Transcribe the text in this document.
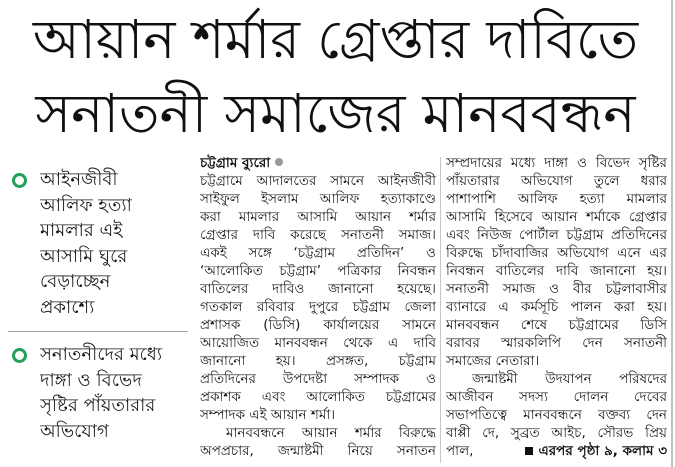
আয়ান শর্মার গ্রেপ্তার দাবিতে
সনাতনী সমাজের মানববন্ধন
আইনজীবী
আলিফ হত্যা
মামলার এই
আসামি ঘুরে
বেড়াচ্ছেন
প্রকাশ্যে
সনাতনীদের মধ্যে
দাঙ্গা ও বিভেদ
সৃষ্টির পাঁয়তারার
অভিযোগ
চট্টগ্রাম ব্যুরো
চট্টগ্রামে আদালতের সামনে আইনজীবী
সাইফুল ইসলাম আলিফ হত্যাকাণ্ডে
করা মামলার আসামি আয়ান শর্মার
গ্রেপ্তার দাবি করেছে সনাতনী সমাজ।
একই সঙ্গে ‘চট্টগ্রাম প্রতিদিন’ ও
‘আলোকিত চট্টগ্রাম’ পত্রিকার নিবন্ধন
বাতিলের দাবিও জানানো হয়েছে।
গতকাল রবিবার দুপুরে চট্টগ্রাম জেলা
প্রশাসক (ডিসি) কার্যালয়ের সামনে
আয়োজিত মানববন্ধন থেকে এ দাবি
জানানো হয়। প্রসঙ্গত, চট্টগ্রাম
প্রতিদিনের উপদেষ্টা সম্পাদক ও
প্রকাশক এবং আলোকিত চট্টগ্রামের
সম্পাদক এই আয়ান শর্মা।
মানববন্ধনে আয়ান শর্মার বিরুদ্ধে
অপপ্রচার, জন্মাষ্টমী নিয়ে সনাতন
সম্প্রদায়ের মধ্যে দাঙ্গা ও বিভেদ সৃষ্টির
পাঁয়তারার অভিযোগ তুলে ধরার
পাশাপাশি আলিফ হত্যা মামলার
আসামি হিসেবে আয়ান শর্মাকে গ্রেপ্তার
এবং নিউজ পোর্টাল চট্টগ্রাম প্রতিদিনের
বিরুদ্ধে চাঁদাবাজির অভিযোগ এনে এর
নিবন্ধন বাতিলের দাবি জানানো হয়।
সনাতনী সমাজ ও বীর চট্টলাবাসীর
ব্যানারে এ কর্মসূচি পালন করা হয়।
মানববন্ধন শেষে চট্টগ্রামের ডিসি
বরাবর স্মারকলিপি দেন সনাতনী
সমাজের নেতারা।
জন্মাষ্টমী উদযাপন পরিষদের
আজীবন সদস্য দোলন দেবের
সভাপতিত্বে মানববন্ধনে বক্তব্য দেন
বাপ্পী দে, সুব্রত আইচ, সৌরভ প্রিয়
পাল,	এরপর পৃষ্ঠা ৯, কলাম ৩
